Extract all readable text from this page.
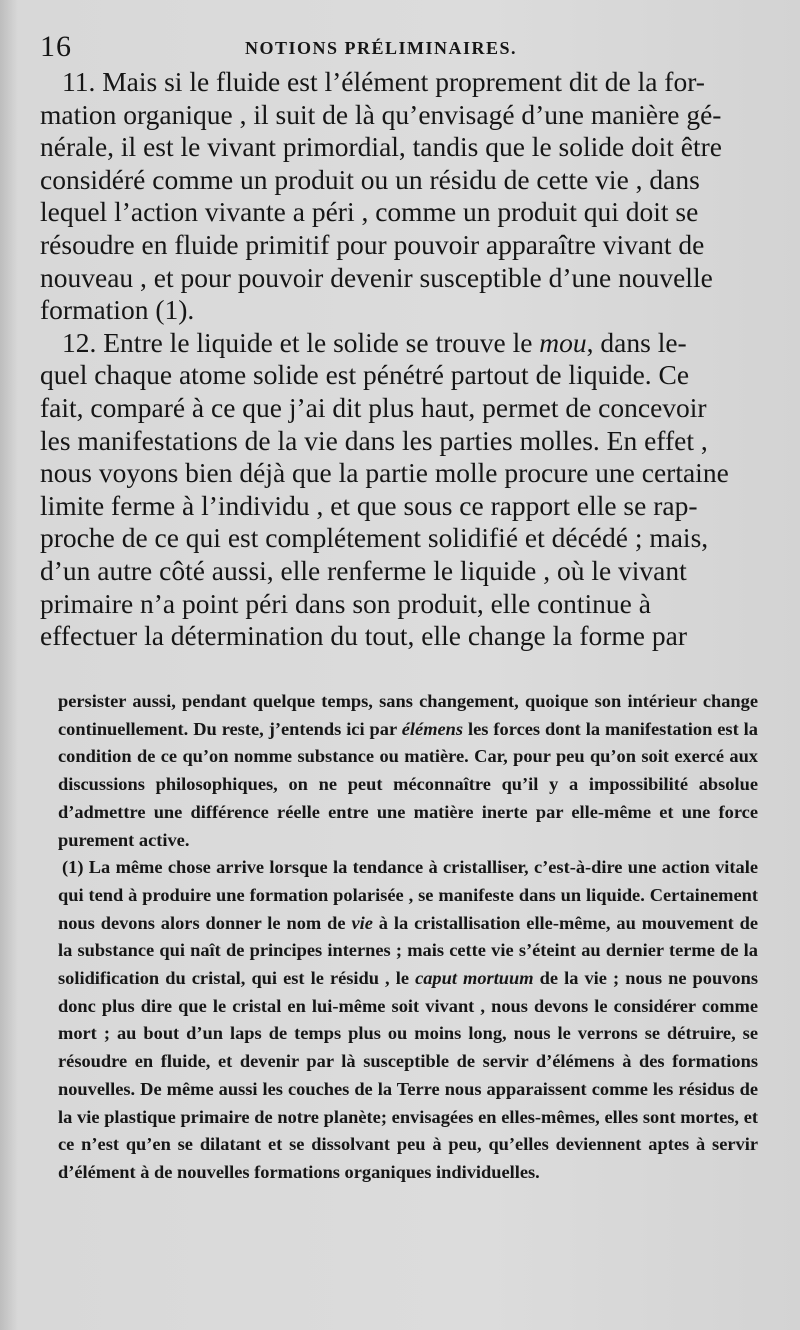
16	NOTIONS PRÉLIMINAIRES.
11. Mais si le fluide est l’élément proprement dit de la for-
mation organique , il suit de là qu’envisagé d’une manière gé-
nérale, il est le vivant primordial, tandis que le solide doit être
considéré comme un produit ou un résidu de cette vie , dans
lequel l’action vivante a péri , comme un produit qui doit se
résoudre en fluide primitif pour pouvoir apparaître vivant de
nouveau , et pour pouvoir devenir susceptible d’une nouvelle
formation (1).
12. Entre le liquide et le solide se trouve le mou, dans le-
quel chaque atome solide est pénétré partout de liquide. Ce
fait, comparé à ce que j’ai dit plus haut, permet de concevoir
les manifestations de la vie dans les parties molles. En effet ,
nous voyons bien déjà que la partie molle procure une certaine
limite ferme à l’individu , et que sous ce rapport elle se rap-
proche de ce qui est complétement solidifié et décédé ; mais,
d’un autre côté aussi, elle renferme le liquide , où le vivant
primaire n’a point péri dans son produit, elle continue à
effectuer la détermination du tout, elle change la forme par

persister aussi, pendant quelque temps, sans changement, quoique son intérieur change continuellement. Du reste, j’entends ici par élémens les forces dont la manifestation est la condition de ce qu’on nomme substance ou matière. Car, pour peu qu’on soit exercé aux discussions philosophiques, on ne peut méconnaître qu’il y a impossibilité absolue d’admettre une différence réelle entre une matière inerte par elle-même et une force purement active.

(1) La même chose arrive lorsque la tendance à cristalliser, c’est-à-dire une action vitale qui tend à produire une formation polarisée , se manifeste dans un liquide. Certainement nous devons alors donner le nom de vie à la cristallisation elle-même, au mouvement de la substance qui naît de principes internes ; mais cette vie s’éteint au dernier terme de la solidification du cristal, qui est le résidu , le caput mortuum de la vie ; nous ne pouvons donc plus dire que le cristal en lui-même soit vivant , nous devons le considérer comme mort ; au bout d’un laps de temps plus ou moins long, nous le verrons se détruire, se résoudre en fluide, et devenir par là susceptible de servir d’élémens à des formations nouvelles. De même aussi les couches de la Terre nous apparaissent comme les résidus de la vie plastique primaire de notre planète; envisagées en elles-mêmes, elles sont mortes, et ce n’est qu’en se dilatant et se dissolvant peu à peu, qu’elles deviennent aptes à servir d’élément à de nouvelles formations organiques individuelles.
